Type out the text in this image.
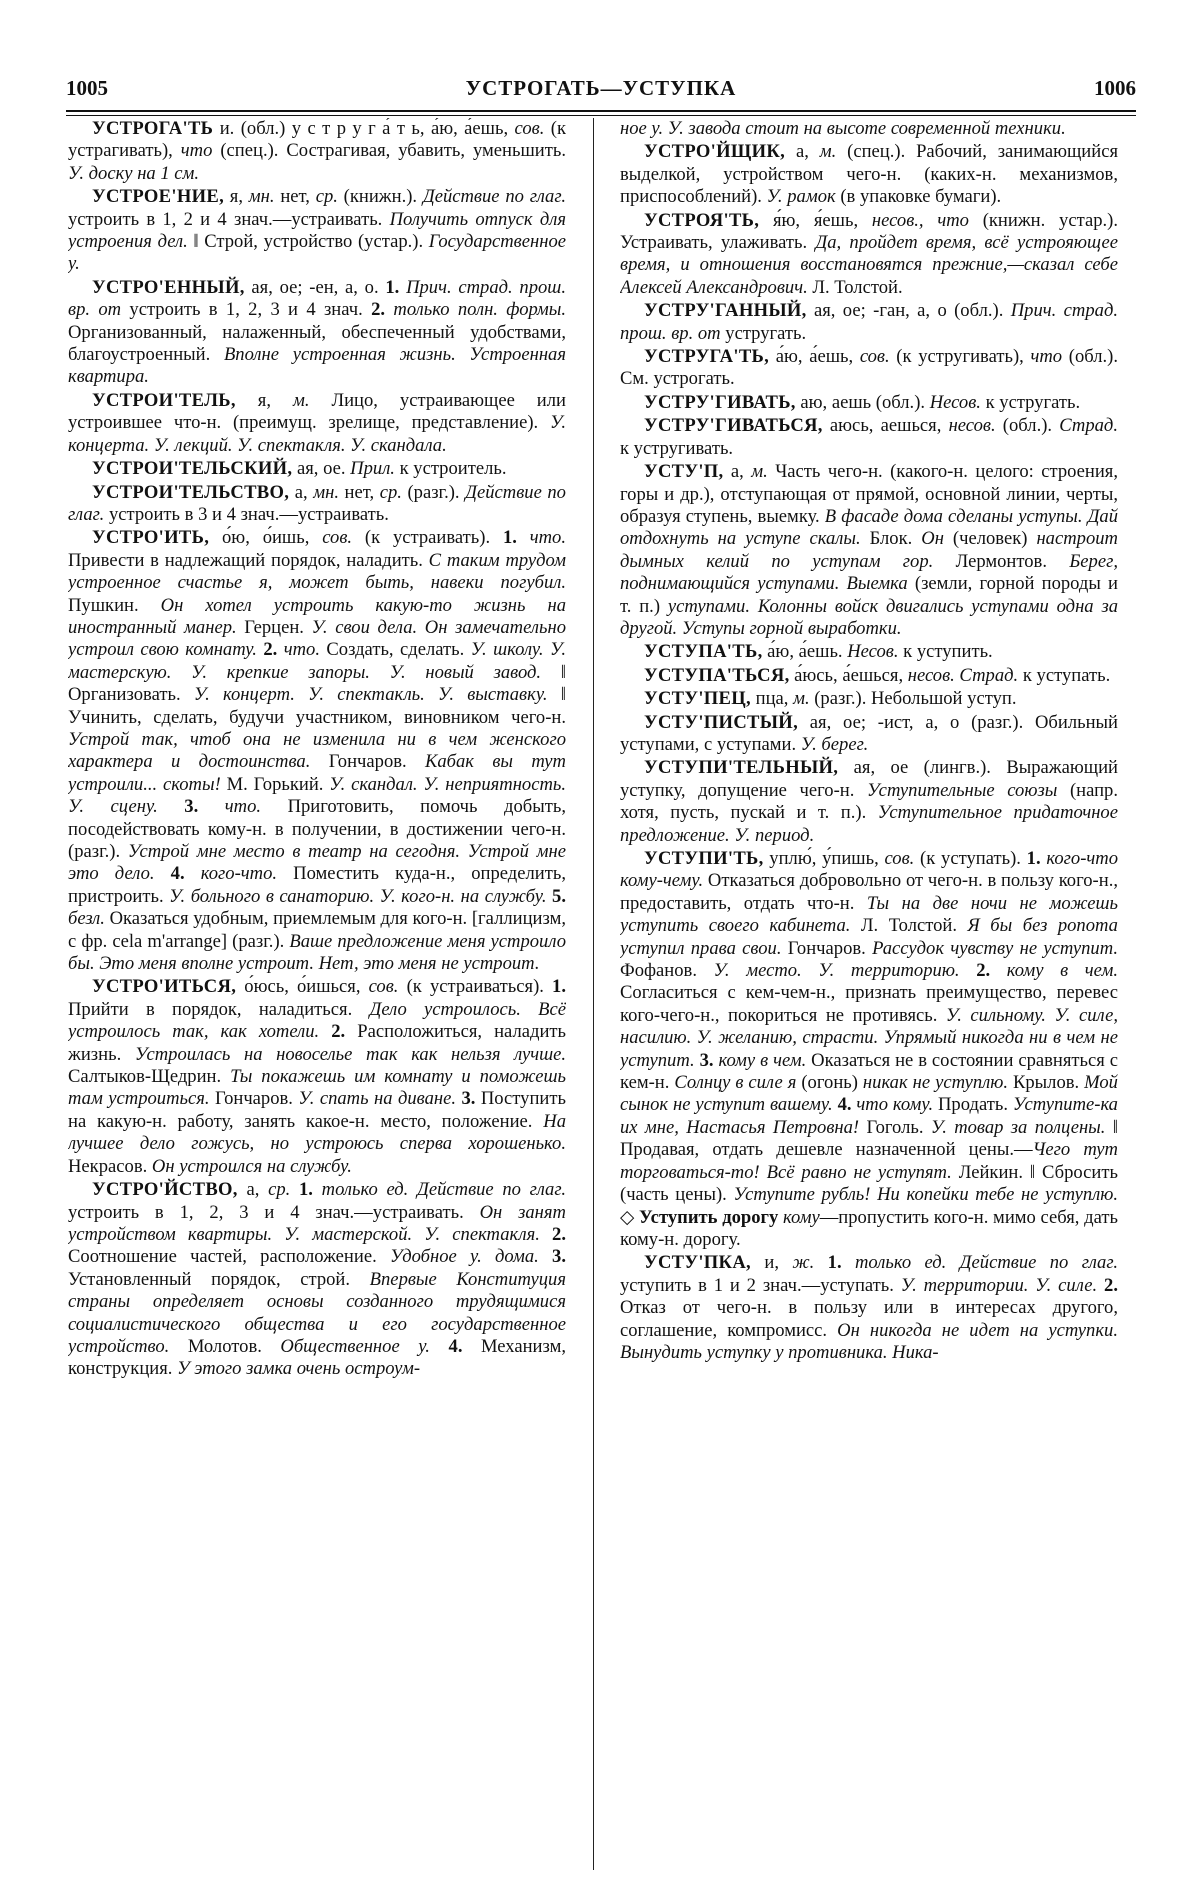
1005	УСТРОГАТЬ—УСТУПКА	1006

УСТРОГА'ТЬ и. (обл.) у с т р у г а́ т ь, а́ю, а́ешь, сов. (к устрагивать), что (спец.). Сострагивая, убавить, уменьшить. У. доску на 1 см.

УСТРОЕ'НИЕ, я, мн. нет, ср. (книжн.). Действие по глаг. устроить в 1, 2 и 4 знач.—устраивать. Получить отпуск для устроения дел. ‖ Строй, устройство (устар.). Государственное у.

УСТРО'ЕННЫЙ, ая, ое; -ен, а, о. 1. Прич. страд. прош. вр. от устроить в 1, 2, 3 и 4 знач. 2. только полн. формы. Организованный, налаженный, обеспеченный удобствами, благоустроенный. Вполне устроенная жизнь. Устроенная квартира.

УСТРОИ'ТЕЛЬ, я, м. Лицо, устраивающее или устроившее что-н. (преимущ. зрелище, представление). У. концерта. У. лекций. У. спектакля. У. скандала.

УСТРОИ'ТЕЛЬСКИЙ, ая, ое. Прил. к устроитель.

УСТРОИ'ТЕЛЬСТВО, а, мн. нет, ср. (разг.). Действие по глаг. устроить в 3 и 4 знач.—устраивать.

УСТРО'ИТЬ, о́ю, о́ишь, сов. (к устраивать). 1. что. Привести в надлежащий порядок, наладить. С таким трудом устроенное счастье я, может быть, навеки погубил. Пушкин. Он хотел устроить какую-то жизнь на иностранный манер. Герцен. У. свои дела. Он замечательно устроил свою комнату. 2. что. Создать, сделать. У. школу. У. мастерскую. У. крепкие запоры. У. новый завод. ‖ Организовать. У. концерт. У. спектакль. У. выставку. ‖ Учинить, сделать, будучи участником, виновником чего-н. Устрой так, чтоб она не изменила ни в чем женского характера и достоинства. Гончаров. Кабак вы тут устроили... скоты! М. Горький. У. скандал. У. неприятность. У. сцену. 3. что. Приготовить, помочь добыть, посодействовать кому-н. в получении, в достижении чего-н. (разг.). Устрой мне место в театр на сегодня. Устрой мне это дело. 4. кого-что. Поместить куда-н., определить, пристроить. У. больного в санаторию. У. кого-н. на службу. 5. безл. Оказаться удобным, приемлемым для кого-н. [галлицизм, с фр. cela m'arrange] (разг.). Ваше предложение меня устроило бы. Это меня вполне устроит. Нет, это меня не устроит.

УСТРО'ИТЬСЯ, о́юсь, о́ишься, сов. (к устраиваться). 1. Прийти в порядок, наладиться. Дело устроилось. Всё устроилось так, как хотели. 2. Расположиться, наладить жизнь. Устроилась на новоселье так как нельзя лучше. Салтыков-Щедрин. Ты покажешь им комнату и поможешь там устроиться. Гончаров. У. спать на диване. 3. Поступить на какую-н. работу, занять какое-н. место, положение. На лучшее дело гожусь, но устроюсь сперва хорошенько. Некрасов. Он устроился на службу.

УСТРО'ЙСТВО, а, ср. 1. только ед. Действие по глаг. устроить в 1, 2, 3 и 4 знач.—устраивать. Он занят устройством квартиры. У. мастерской. У. спектакля. 2. Соотношение частей, расположение. Удобное у. дома. 3. Установленный порядок, строй. Впервые Конституция страны определяет основы созданного трудящимися социалистического общества и его государственное устройство. Молотов. Общественное у. 4. Механизм, конструкция. У этого замка очень остроум-

ное у. У. завода стоит на высоте современной техники.

УСТРО'ЙЩИК, а, м. (спец.). Рабочий, занимающийся выделкой, устройством чего-н. (каких-н. механизмов, приспособлений). У. рамок (в упаковке бумаги).

УСТРОЯ'ТЬ, я́ю, я́ешь, несов., что (книжн. устар.). Устраивать, улаживать. Да, пройдет время, всё устрояющее время, и отношения восстановятся прежние,—сказал себе Алексей Александрович. Л. Толстой.

УСТРУ'ГАННЫЙ, ая, ое; -ган, а, о (обл.). Прич. страд. прош. вр. от устругать.

УСТРУГА'ТЬ, а́ю, а́ешь, сов. (к устругивать), что (обл.). См. устрогать.

УСТРУ'ГИВАТЬ, аю, аешь (обл.). Несов. к устругать.

УСТРУ'ГИВАТЬСЯ, аюсь, аешься, несов. (обл.). Страд. к устругивать.

УСТУ'П, а, м. Часть чего-н. (какого-н. целого: строения, горы и др.), отступающая от прямой, основной линии, черты, образуя ступень, выемку. В фасаде дома сделаны уступы. Дай отдохнуть на уступе скалы. Блок. Он (человек) настроит дымных келий по уступам гор. Лермонтов. Берег, поднимающийся уступами. Выемка (земли, горной породы и т. п.) уступами. Колонны войск двигались уступами одна за другой. Уступы горной выработки.

УСТУПА'ТЬ, а́ю, а́ешь. Несов. к уступить.

УСТУПА'ТЬСЯ, а́юсь, а́ешься, несов. Страд. к уступать.

УСТУ'ПЕЦ, пца, м. (разг.). Небольшой уступ.

УСТУ'ПИСТЫЙ, ая, ое; -ист, а, о (разг.). Обильный уступами, с уступами. У. берег.

УСТУПИ'ТЕЛЬНЫЙ, ая, ое (лингв.). Выражающий уступку, допущение чего-н. Уступительные союзы (напр. хотя, пусть, пускай и т. п.). Уступительное придаточное предложение. У. период.

УСТУПИ'ТЬ, уплю́, у́пишь, сов. (к уступать). 1. кого-что кому-чему. Отказаться добровольно от чего-н. в пользу кого-н., предоставить, отдать что-н. Ты на две ночи не можешь уступить своего кабинета. Л. Толстой. Я бы без ропота уступил права свои. Гончаров. Рассудок чувству не уступит. Фофанов. У. место. У. территорию. 2. кому в чем. Согласиться с кем-чем-н., признать преимущество, перевес кого-чего-н., покориться не противясь. У. сильному. У. силе, насилию. У. желанию, страсти. Упрямый никогда ни в чем не уступит. 3. кому в чем. Оказаться не в состоянии сравняться с кем-н. Солнцу в силе я (огонь) никак не уступлю. Крылов. Мой сынок не уступит вашему. 4. что кому. Продать. Уступите-ка их мне, Настасья Петровна! Гоголь. У. товар за полцены. ‖ Продавая, отдать дешевле назначенной цены.—Чего тут торговаться-то! Всё равно не уступят. Лейкин. ‖ Сбросить (часть цены). Уступите рубль! Ни копейки тебе не уступлю. ◇ Уступить дорогу кому—пропустить кого-н. мимо себя, дать кому-н. дорогу.

УСТУ'ПКА, и, ж. 1. только ед. Действие по глаг. уступить в 1 и 2 знач.—уступать. У. территории. У. силе. 2. Отказ от чего-н. в пользу или в интересах другого, соглашение, компромисс. Он никогда не идет на уступки. Вынудить уступку у противника. Ника-
